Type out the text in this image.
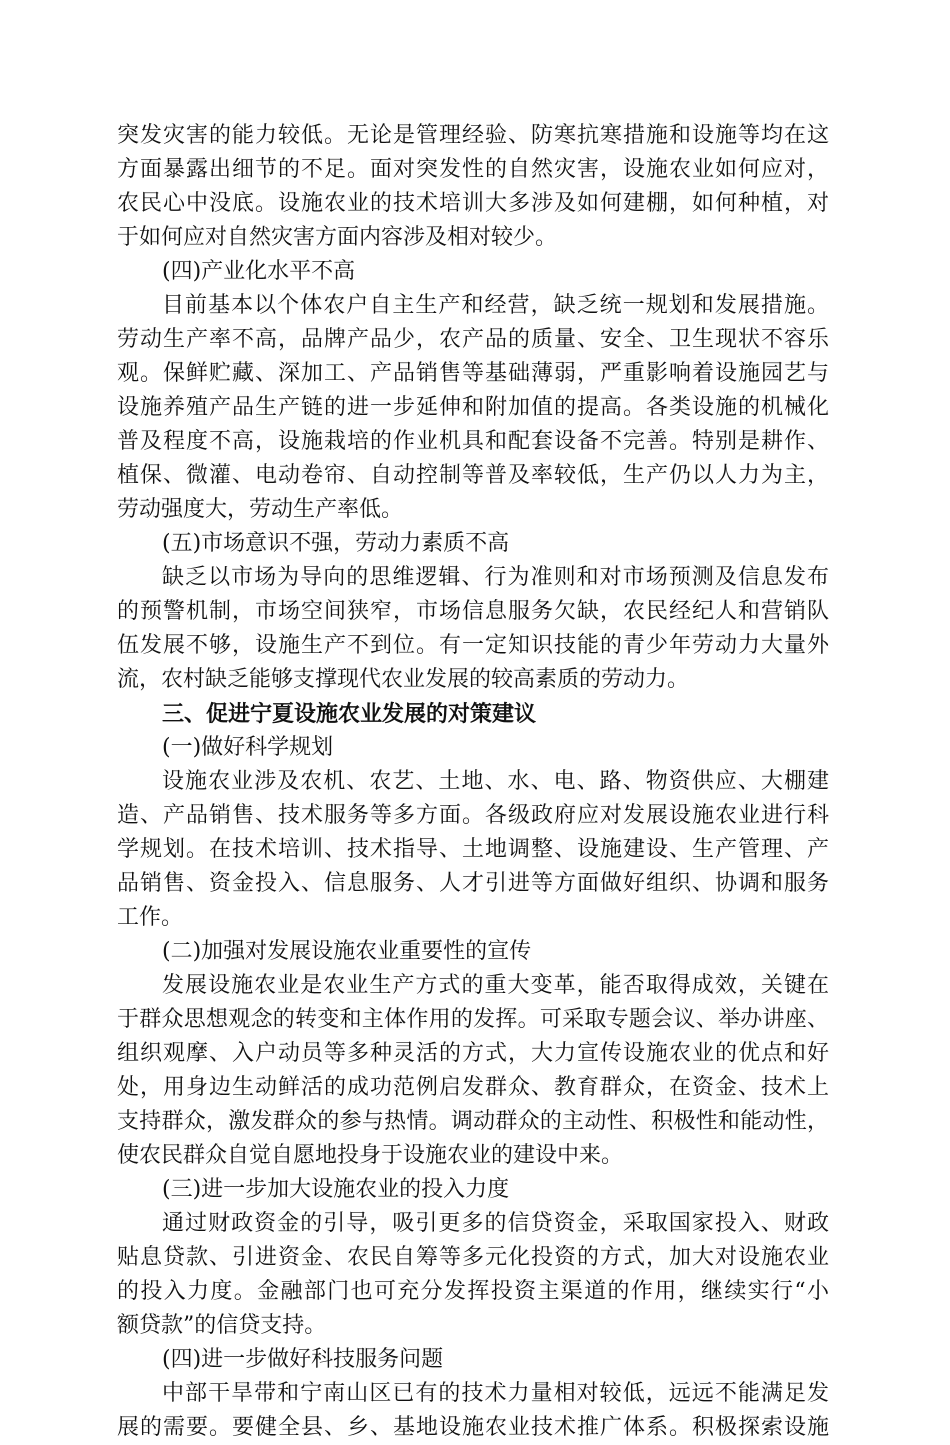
突发灾害的能力较低。无论是管理经验、防寒抗寒措施和设施等均在这
方面暴露出细节的不足。面对突发性的自然灾害，设施农业如何应对，
农民心中没底。设施农业的技术培训大多涉及如何建棚，如何种植，对
于如何应对自然灾害方面内容涉及相对较少。
(四)产业化水平不高
目前基本以个体农户自主生产和经营，缺乏统一规划和发展措施。
劳动生产率不高，品牌产品少，农产品的质量、安全、卫生现状不容乐
观。保鲜贮藏、深加工、产品销售等基础薄弱，严重影响着设施园艺与
设施养殖产品生产链的进一步延伸和附加值的提高。各类设施的机械化
普及程度不高，设施栽培的作业机具和配套设备不完善。特别是耕作、
植保、微灌、电动卷帘、自动控制等普及率较低，生产仍以人力为主，
劳动强度大，劳动生产率低。
(五)市场意识不强，劳动力素质不高
缺乏以市场为导向的思维逻辑、行为准则和对市场预测及信息发布
的预警机制，市场空间狭窄，市场信息服务欠缺，农民经纪人和营销队
伍发展不够，设施生产不到位。有一定知识技能的青少年劳动力大量外
流，农村缺乏能够支撑现代农业发展的较高素质的劳动力。
三、促进宁夏设施农业发展的对策建议
(一)做好科学规划
设施农业涉及农机、农艺、土地、水、电、路、物资供应、大棚建
造、产品销售、技术服务等多方面。各级政府应对发展设施农业进行科
学规划。在技术培训、技术指导、土地调整、设施建设、生产管理、产
品销售、资金投入、信息服务、人才引进等方面做好组织、协调和服务
工作。
(二)加强对发展设施农业重要性的宣传
发展设施农业是农业生产方式的重大变革，能否取得成效，关键在
于群众思想观念的转变和主体作用的发挥。可采取专题会议、举办讲座、
组织观摩、入户动员等多种灵活的方式，大力宣传设施农业的优点和好
处，用身边生动鲜活的成功范例启发群众、教育群众，在资金、技术上
支持群众，激发群众的参与热情。调动群众的主动性、积极性和能动性，
使农民群众自觉自愿地投身于设施农业的建设中来。
(三)进一步加大设施农业的投入力度
通过财政资金的引导，吸引更多的信贷资金，采取国家投入、财政
贴息贷款、引进资金、农民自筹等多元化投资的方式，加大对设施农业
的投入力度。金融部门也可充分发挥投资主渠道的作用，继续实行“小
额贷款”的信贷支持。
(四)进一步做好科技服务问题
中部干旱带和宁南山区已有的技术力量相对较低，远远不能满足发
展的需要。要健全县、乡、基地设施农业技术推广体系。积极探索设施
